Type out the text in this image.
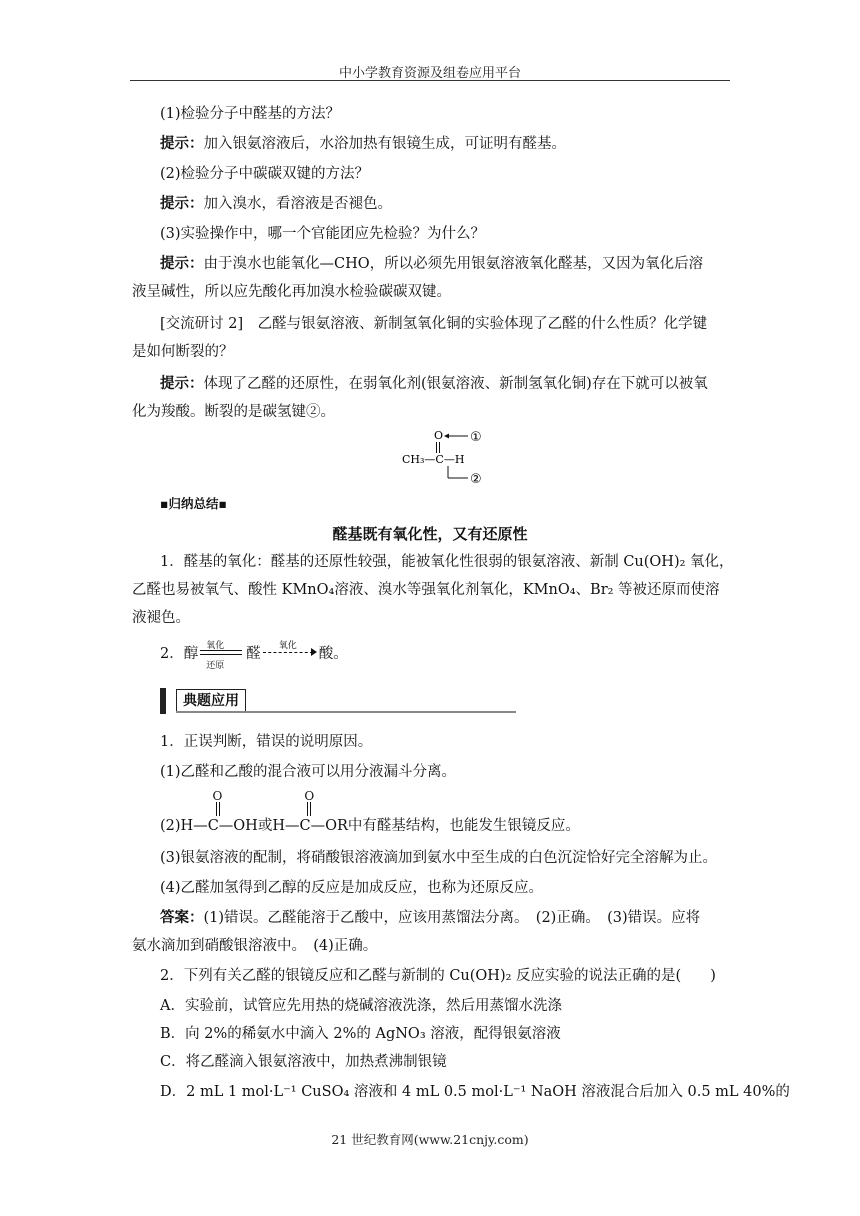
中小学教育资源及组卷应用平台
(1)检验分子中醛基的方法？
提示：加入银氨溶液后，水浴加热有银镜生成，可证明有醛基。
(2)检验分子中碳碳双键的方法？
提示：加入溴水，看溶液是否褪色。
(3)实验操作中，哪一个官能团应先检验？为什么？
提示：由于溴水也能氧化—CHO，所以必须先用银氨溶液氧化醛基，又因为氧化后溶
液呈碱性，所以应先酸化再加溴水检验碳碳双键。
[交流研讨 2]　乙醛与银氨溶液、新制氢氧化铜的实验体现了乙醛的什么性质？化学键
是如何断裂的？
提示：体现了乙醛的还原性，在弱氧化剂(银氨溶液、新制氢氧化铜)存在下就可以被氧
化为羧酸。断裂的是碳氢键②。
O
CH₃—C—H
①
②
▪归纳总结▪
醛基既有氧化性，又有还原性
1．醛基的氧化：醛基的还原性较强，能被氧化性很弱的银氨溶液、新制 Cu(OH)₂ 氧化，
乙醛也易被氧气、酸性 KMnO₄溶液、溴水等强氧化剂氧化，KMnO₄、Br₂ 等被还原而使溶
液褪色。
2．醇 氧化
还原
醛 氧化 酸。
典题应用
1．正误判断，错误的说明原因。
(1)乙醛和乙酸的混合液可以用分液漏斗分离。
(2)
O
H—C—OH或
O
H—C—OR中有醛基结构，也能发生银镜反应。
(3)银氨溶液的配制，将硝酸银溶液滴加到氨水中至生成的白色沉淀恰好完全溶解为止。
(4)乙醛加氢得到乙醇的反应是加成反应，也称为还原反应。
答案：(1)错误。乙醛能溶于乙酸中，应该用蒸馏法分离。　(2)正确。　(3)错误。应将
氨水滴加到硝酸银溶液中。　(4)正确。
2．下列有关乙醛的银镜反应和乙醛与新制的 Cu(OH)₂ 反应实验的说法正确的是(　　)
A．实验前，试管应先用热的烧碱溶液洗涤，然后用蒸馏水洗涤
B．向 2%的稀氨水中滴入 2%的 AgNO₃ 溶液，配得银氨溶液
C．将乙醛滴入银氨溶液中，加热煮沸制银镜
D．2 mL 1 mol·L⁻¹ CuSO₄ 溶液和 4 mL 0.5 mol·L⁻¹ NaOH 溶液混合后加入 0.5 mL 40%的
21 世纪教育网(www.21cnjy.com)
